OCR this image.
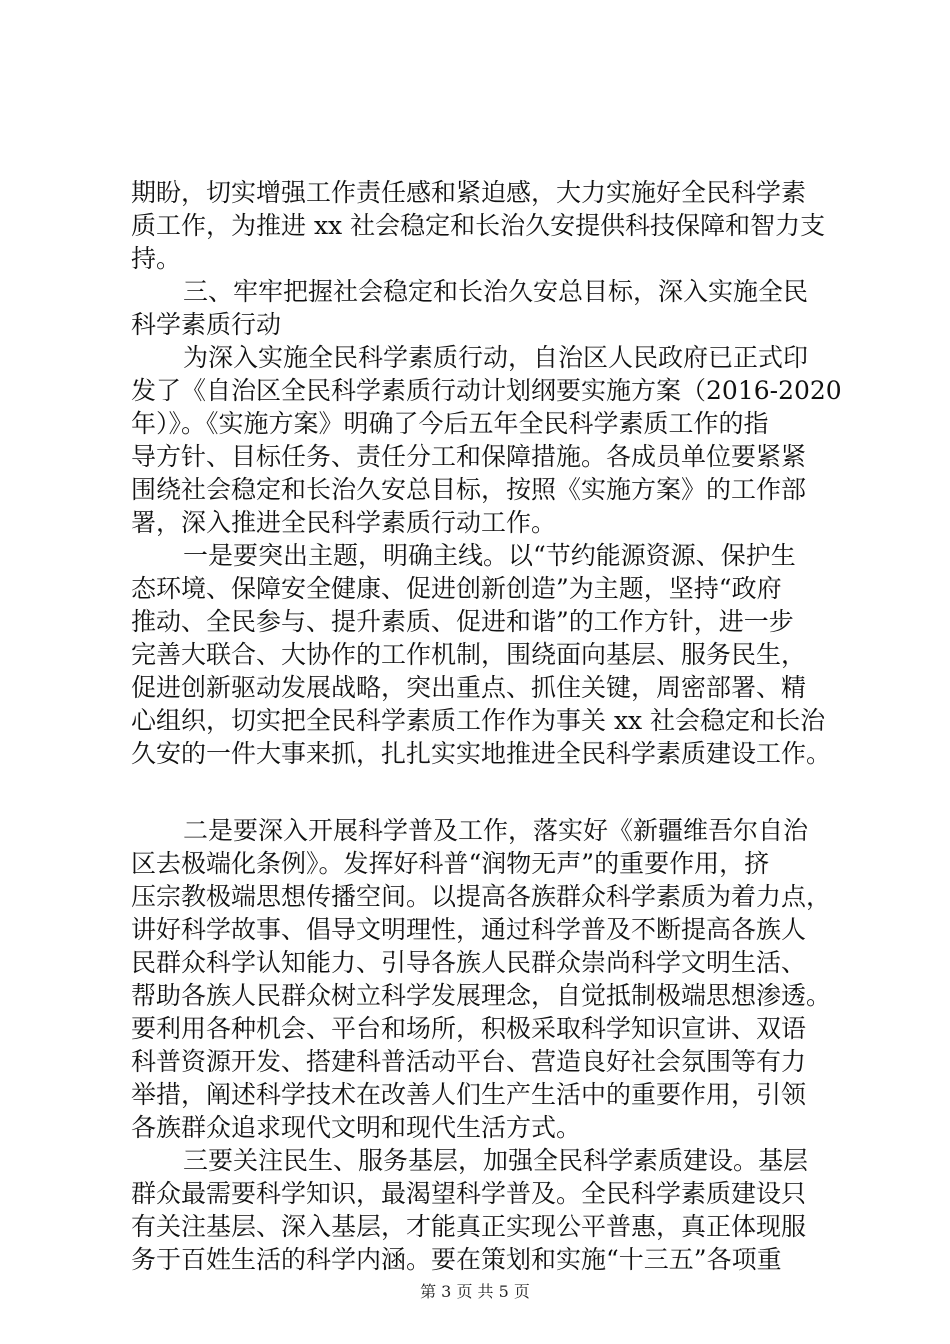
期盼，切实增强工作责任感和紧迫感，大力实施好全民科学素
质工作，为推进 xx 社会稳定和长治久安提供科技保障和智力支
持。
三、牢牢把握社会稳定和长治久安总目标，深入实施全民
科学素质行动
为深入实施全民科学素质行动，自治区人民政府已正式印
发了《自治区全民科学素质行动计划纲要实施方案（2016-2020
年）》。《实施方案》明确了今后五年全民科学素质工作的指
导方针、目标任务、责任分工和保障措施。各成员单位要紧紧
围绕社会稳定和长治久安总目标，按照《实施方案》的工作部
署，深入推进全民科学素质行动工作。
一是要突出主题，明确主线。以“节约能源资源、保护生
态环境、保障安全健康、促进创新创造”为主题，坚持“政府
推动、全民参与、提升素质、促进和谐”的工作方针，进一步
完善大联合、大协作的工作机制，围绕面向基层、服务民生，
促进创新驱动发展战略，突出重点、抓住关键，周密部署、精
心组织，切实把全民科学素质工作作为事关 xx 社会稳定和长治
久安的一件大事来抓，扎扎实实地推进全民科学素质建设工作。
二是要深入开展科学普及工作，落实好《新疆维吾尔自治
区去极端化条例》。发挥好科普“润物无声”的重要作用，挤
压宗教极端思想传播空间。以提高各族群众科学素质为着力点，
讲好科学故事、倡导文明理性，通过科学普及不断提高各族人
民群众科学认知能力、引导各族人民群众崇尚科学文明生活、
帮助各族人民群众树立科学发展理念，自觉抵制极端思想渗透。
要利用各种机会、平台和场所，积极采取科学知识宣讲、双语
科普资源开发、搭建科普活动平台、营造良好社会氛围等有力
举措，阐述科学技术在改善人们生产生活中的重要作用，引领
各族群众追求现代文明和现代生活方式。
三要关注民生、服务基层，加强全民科学素质建设。基层
群众最需要科学知识，最渴望科学普及。全民科学素质建设只
有关注基层、深入基层，才能真正实现公平普惠，真正体现服
务于百姓生活的科学内涵。要在策划和实施“十三五”各项重
第 3 页 共 5 页
